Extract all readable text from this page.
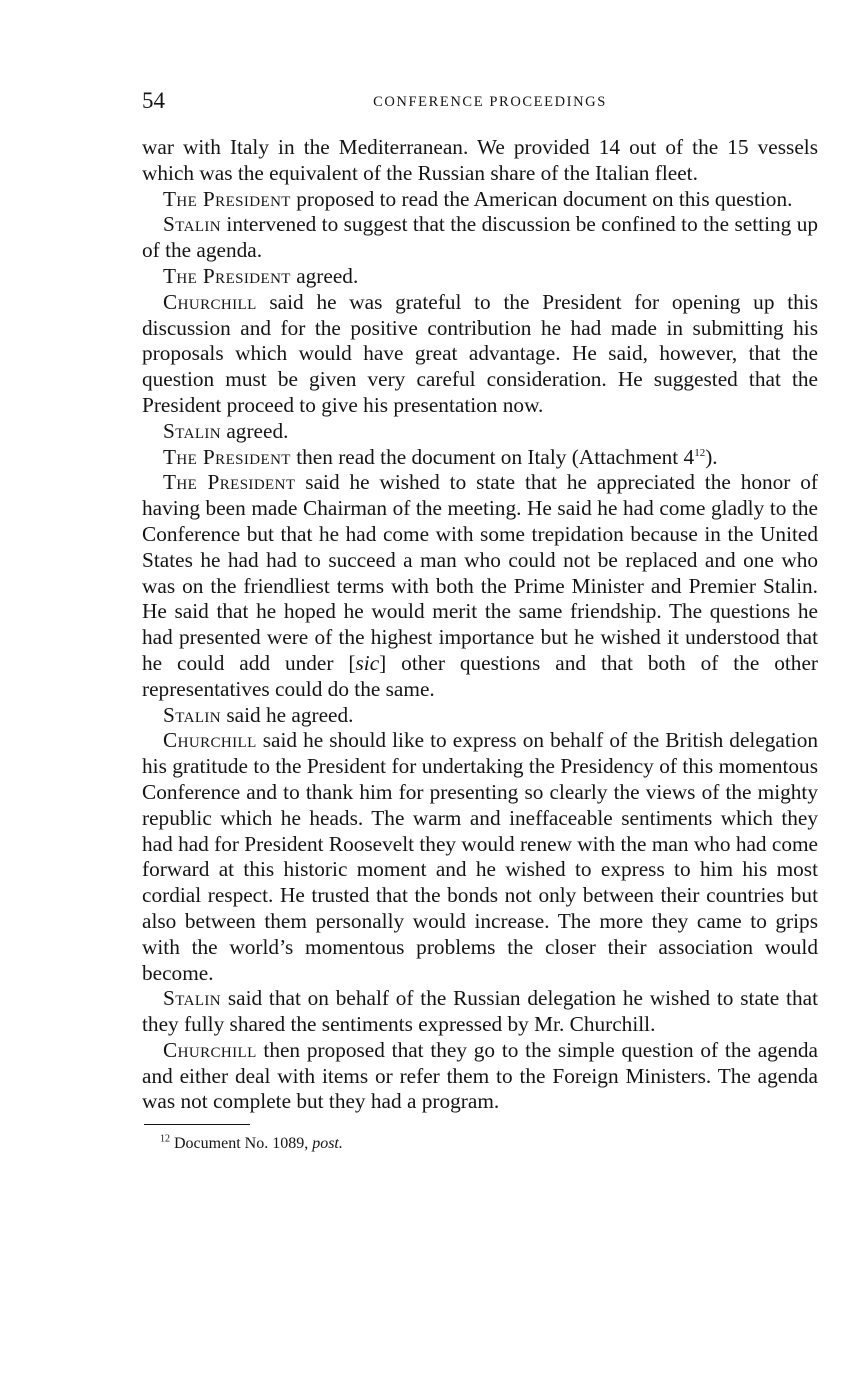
54	CONFERENCE PROCEEDINGS

war with Italy in the Mediterranean. We provided 14 out of the 15 vessels which was the equivalent of the Russian share of the Italian fleet.

The President proposed to read the American document on this question.

Stalin intervened to suggest that the discussion be confined to the setting up of the agenda.

The President agreed.

Churchill said he was grateful to the President for opening up this discussion and for the positive contribution he had made in submitting his proposals which would have great advantage. He said, however, that the question must be given very careful consideration. He suggested that the President proceed to give his presentation now.

Stalin agreed.

The President then read the document on Italy (Attachment $4^{12}$).

The President said he wished to state that he appreciated the honor of having been made Chairman of the meeting. He said he had come gladly to the Conference but that he had come with some trepidation because in the United States he had had to succeed a man who could not be replaced and one who was on the friendliest terms with both the Prime Minister and Premier Stalin. He said that he hoped he would merit the same friendship. The questions he had presented were of the highest importance but he wished it understood that he could add under [sic] other questions and that both of the other representatives could do the same.

Stalin said he agreed.

Churchill said he should like to express on behalf of the British delegation his gratitude to the President for undertaking the Presidency of this momentous Conference and to thank him for presenting so clearly the views of the mighty republic which he heads. The warm and ineffaceable sentiments which they had had for President Roosevelt they would renew with the man who had come forward at this historic moment and he wished to express to him his most cordial respect. He trusted that the bonds not only between their countries but also between them personally would increase. The more they came to grips with the world’s momentous problems the closer their association would become.

Stalin said that on behalf of the Russian delegation he wished to state that they fully shared the sentiments expressed by Mr. Churchill.

Churchill then proposed that they go to the simple question of the agenda and either deal with items or refer them to the Foreign Ministers. The agenda was not complete but they had a program.

$^{12}$ Document No. 1089, post.
